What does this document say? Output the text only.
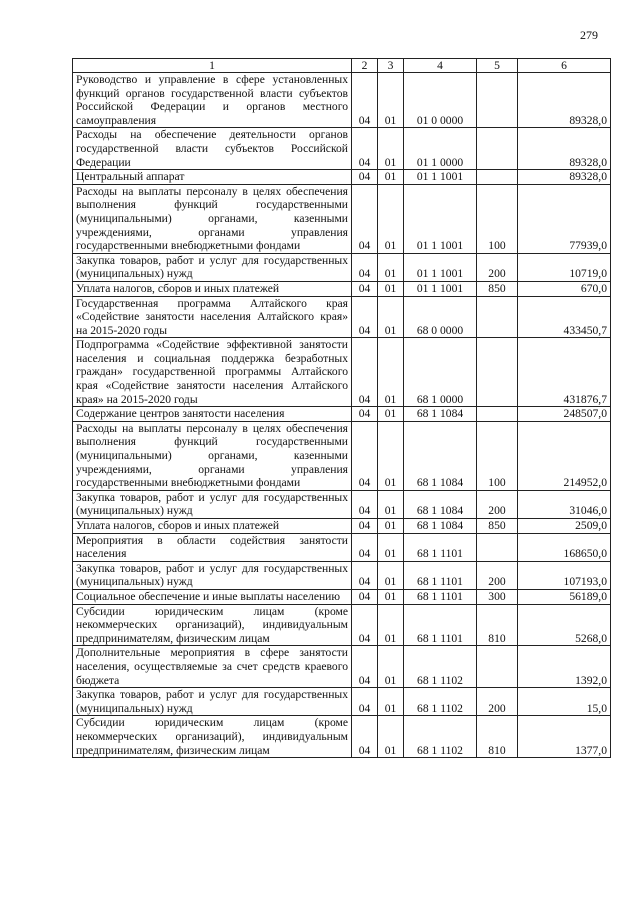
279
1	2	3	4	5	6
Руководство и управление в сфере установленных функций органов государственной власти субъектов Российской Федерации и органов местного самоуправления	04	01	01 0 0000		89328,0
Расходы на обеспечение деятельности органов государственной власти субъектов Российской Федерации	04	01	01 1 0000		89328,0
Центральный аппарат	04	01	01 1 1001		89328,0
Расходы на выплаты персоналу в целях обеспечения выполнения функций государственными (муниципальными) органами, казенными учреждениями, органами управления государственными внебюджетными фондами	04	01	01 1 1001	100	77939,0
Закупка товаров, работ и услуг для государственных (муниципальных) нужд	04	01	01 1 1001	200	10719,0
Уплата налогов, сборов и иных платежей	04	01	01 1 1001	850	670,0
Государственная программа Алтайского края «Содействие занятости населения Алтайского края» на 2015-2020 годы	04	01	68 0 0000		433450,7
Подпрограмма «Содействие эффективной занятости населения и социальная поддержка безработных граждан» государственной программы Алтайского края «Содействие занятости населения Алтайского края» на 2015-2020 годы	04	01	68 1 0000		431876,7
Содержание центров занятости населения	04	01	68 1 1084		248507,0
Расходы на выплаты персоналу в целях обеспечения выполнения функций государственными (муниципальными) органами, казенными учреждениями, органами управления государственными внебюджетными фондами	04	01	68 1 1084	100	214952,0
Закупка товаров, работ и услуг для государственных (муниципальных) нужд	04	01	68 1 1084	200	31046,0
Уплата налогов, сборов и иных платежей	04	01	68 1 1084	850	2509,0
Мероприятия в области содействия занятости населения	04	01	68 1 1101		168650,0
Закупка товаров, работ и услуг для государственных (муниципальных) нужд	04	01	68 1 1101	200	107193,0
Социальное обеспечение и иные выплаты населению	04	01	68 1 1101	300	56189,0
Субсидии юридическим лицам (кроме некоммерческих организаций), индивидуальным предпринимателям, физическим лицам	04	01	68 1 1101	810	5268,0
Дополнительные мероприятия в сфере занятости населения, осуществляемые за счет средств краевого бюджета	04	01	68 1 1102		1392,0
Закупка товаров, работ и услуг для государственных (муниципальных) нужд	04	01	68 1 1102	200	15,0
Субсидии юридическим лицам (кроме некоммерческих организаций), индивидуальным предпринимателям, физическим лицам	04	01	68 1 1102	810	1377,0
